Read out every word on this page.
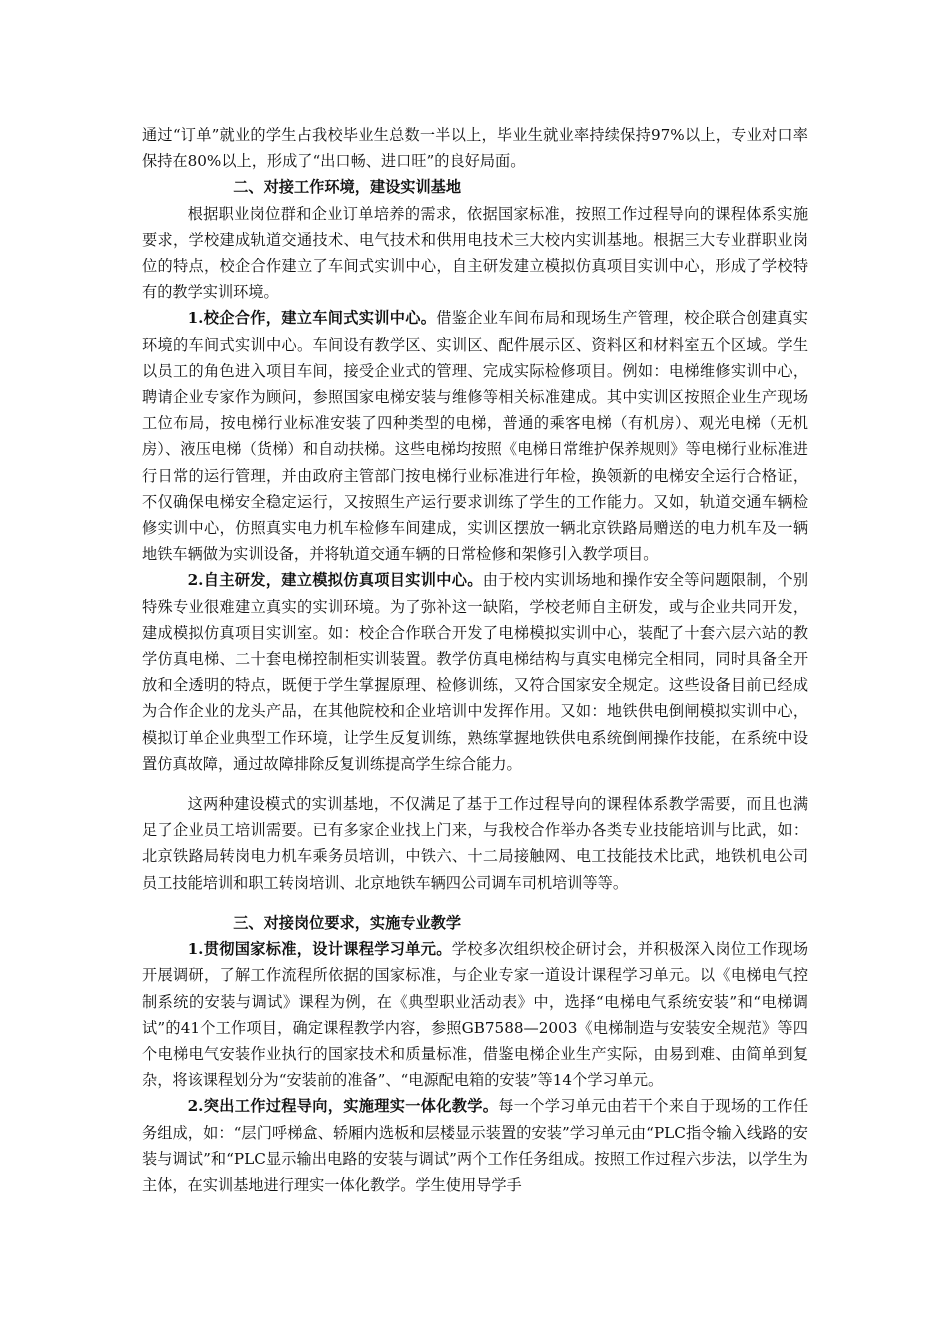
通过“订单”就业的学生占我校毕业生总数一半以上，毕业生就业率持续保持97%以上，专业对口率保持在80%以上，形成了“出口畅、进口旺”的良好局面。

二、对接工作环境，建设实训基地

根据职业岗位群和企业订单培养的需求，依据国家标准，按照工作过程导向的课程体系实施要求，学校建成轨道交通技术、电气技术和供用电技术三大校内实训基地。根据三大专业群职业岗位的特点，校企合作建立了车间式实训中心，自主研发建立模拟仿真项目实训中心，形成了学校特有的教学实训环境。

1.校企合作，建立车间式实训中心。借鉴企业车间布局和现场生产管理，校企联合创建真实环境的车间式实训中心。车间设有教学区、实训区、配件展示区、资料区和材料室五个区域。学生以员工的角色进入项目车间，接受企业式的管理、完成实际检修项目。例如：电梯维修实训中心，聘请企业专家作为顾问，参照国家电梯安装与维修等相关标准建成。其中实训区按照企业生产现场工位布局，按电梯行业标准安装了四种类型的电梯，普通的乘客电梯（有机房）、观光电梯（无机房）、液压电梯（货梯）和自动扶梯。这些电梯均按照《电梯日常维护保养规则》等电梯行业标准进行日常的运行管理，并由政府主管部门按电梯行业标准进行年检，换领新的电梯安全运行合格证，不仅确保电梯安全稳定运行，又按照生产运行要求训练了学生的工作能力。又如，轨道交通车辆检修实训中心，仿照真实电力机车检修车间建成，实训区摆放一辆北京铁路局赠送的电力机车及一辆地铁车辆做为实训设备，并将轨道交通车辆的日常检修和架修引入教学项目。

2.自主研发，建立模拟仿真项目实训中心。由于校内实训场地和操作安全等问题限制，个别特殊专业很难建立真实的实训环境。为了弥补这一缺陷，学校老师自主研发，或与企业共同开发，建成模拟仿真项目实训室。如：校企合作联合开发了电梯模拟实训中心，装配了十套六层六站的教学仿真电梯、二十套电梯控制柜实训装置。教学仿真电梯结构与真实电梯完全相同，同时具备全开放和全透明的特点，既便于学生掌握原理、检修训练，又符合国家安全规定。这些设备目前已经成为合作企业的龙头产品，在其他院校和企业培训中发挥作用。又如：地铁供电倒闸模拟实训中心，模拟订单企业典型工作环境，让学生反复训练，熟练掌握地铁供电系统倒闸操作技能，在系统中设置仿真故障，通过故障排除反复训练提高学生综合能力。

这两种建设模式的实训基地，不仅满足了基于工作过程导向的课程体系教学需要，而且也满足了企业员工培训需要。已有多家企业找上门来，与我校合作举办各类专业技能培训与比武，如：北京铁路局转岗电力机车乘务员培训，中铁六、十二局接触网、电工技能技术比武，地铁机电公司员工技能培训和职工转岗培训、北京地铁车辆四公司调车司机培训等等。

三、对接岗位要求，实施专业教学

1.贯彻国家标准，设计课程学习单元。学校多次组织校企研讨会，并积极深入岗位工作现场开展调研，了解工作流程所依据的国家标准，与企业专家一道设计课程学习单元。以《电梯电气控制系统的安装与调试》课程为例，在《典型职业活动表》中，选择“电梯电气系统安装”和“电梯调试”的41个工作项目，确定课程教学内容，参照GB7588—2003《电梯制造与安装安全规范》等四个电梯电气安装作业执行的国家技术和质量标准，借鉴电梯企业生产实际，由易到难、由简单到复杂，将该课程划分为“安装前的准备”、“电源配电箱的安装”等14个学习单元。

2.突出工作过程导向，实施理实一体化教学。每一个学习单元由若干个来自于现场的工作任务组成，如：“层门呼梯盒、轿厢内选板和层楼显示装置的安装”学习单元由“PLC指令输入线路的安装与调试”和“PLC显示输出电路的安装与调试”两个工作任务组成。按照工作过程六步法，以学生为主体，在实训基地进行理实一体化教学。学生使用导学手
